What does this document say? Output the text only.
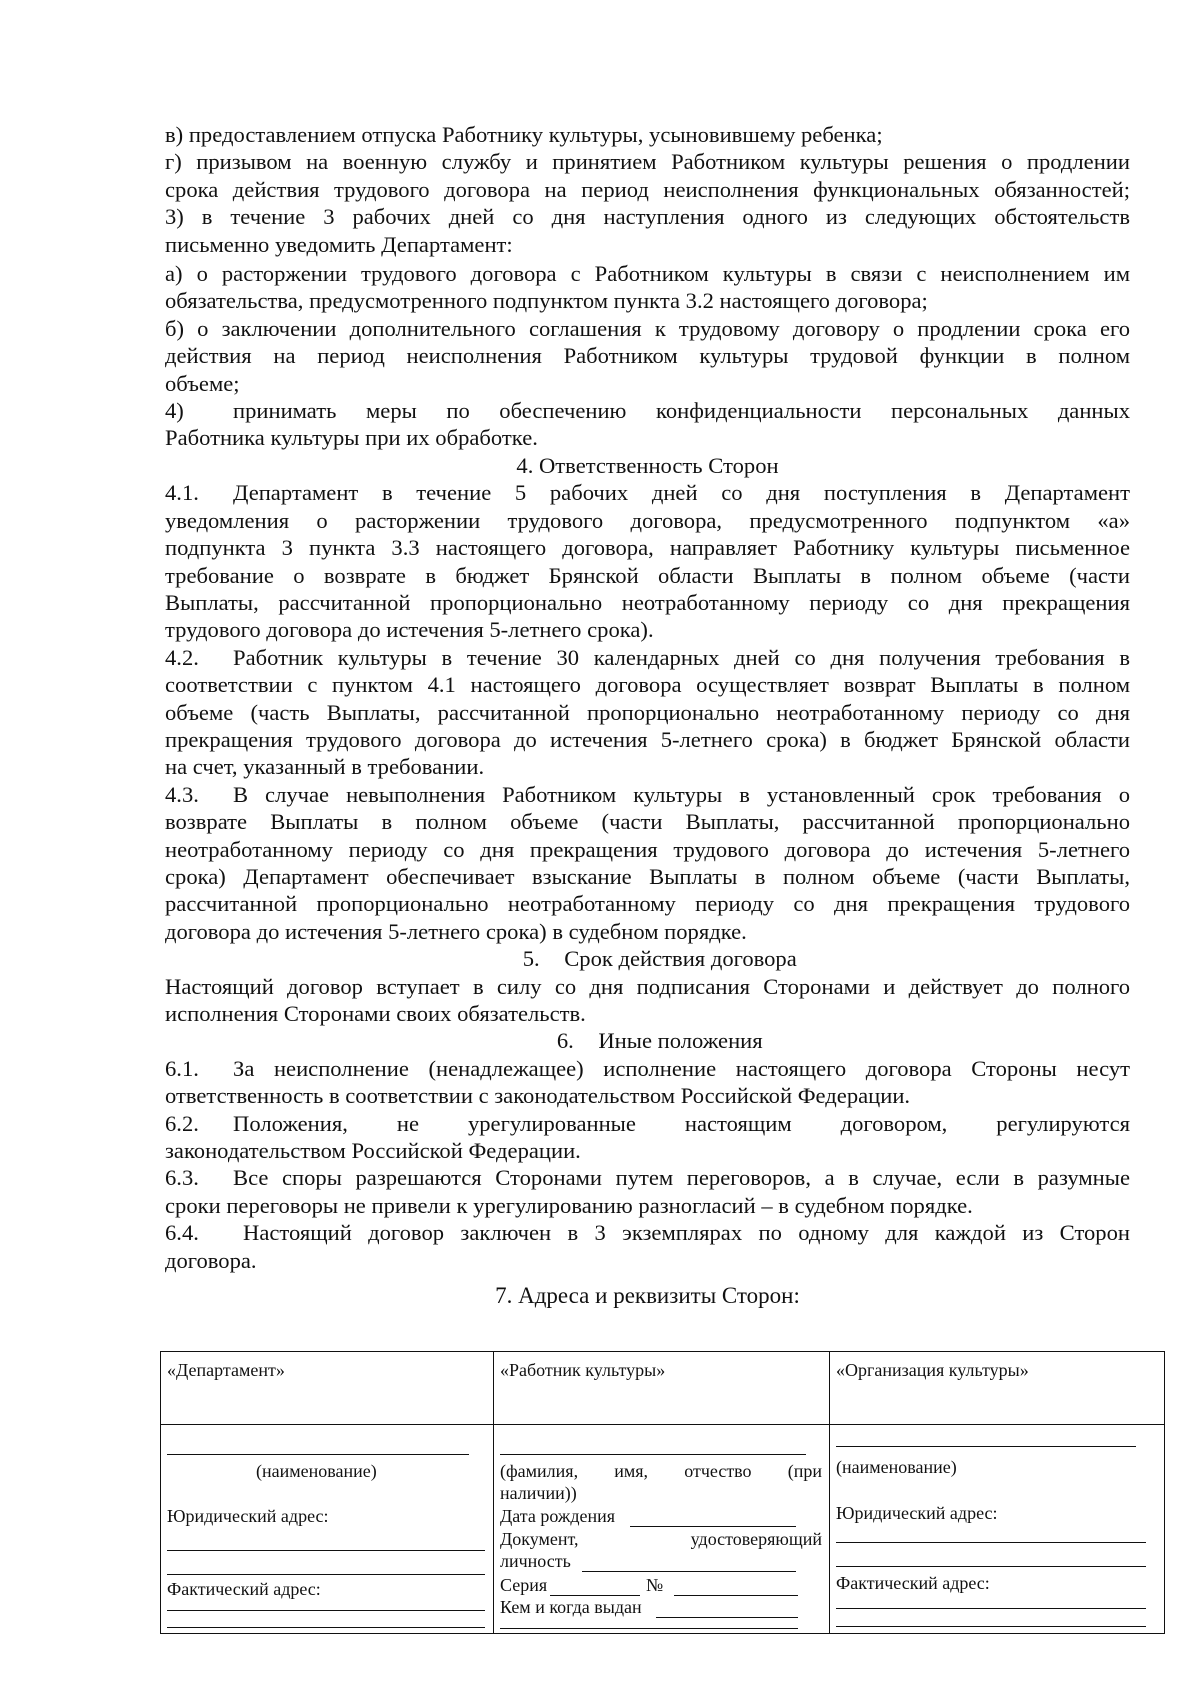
в) предоставлением отпуска Работнику культуры, усыновившему ребенка;

г) призывом на военную службу и принятием Работником культуры решения о продлении

срока действия трудового договора на период неисполнения функциональных обязанностей;

3) в течение 3 рабочих дней со дня наступления одного из следующих обстоятельств

письменно уведомить Департамент:

а) о расторжении трудового договора с Работником культуры в связи с неисполнением им

обязательства, предусмотренного подпунктом пункта 3.2 настоящего договора;

б) о заключении дополнительного соглашения к трудовому договору о продлении срока его

действия на период неисполнения Работником культуры трудовой функции в полном

объеме;

4) принимать меры по обеспечению конфиденциальности персональных данных

Работника культуры при их обработке.

4. Ответственность Сторон

4.1. Департамент в течение 5 рабочих дней со дня поступления в Департамент

уведомления о расторжении трудового договора, предусмотренного подпунктом «а»

подпункта 3 пункта 3.3 настоящего договора, направляет Работнику культуры письменное

требование о возврате в бюджет Брянской области Выплаты в полном объеме (части

Выплаты, рассчитанной пропорционально неотработанному периоду со дня прекращения

трудового договора до истечения 5-летнего срока).

4.2. Работник культуры в течение 30 календарных дней со дня получения требования в

соответствии с пунктом 4.1 настоящего договора осуществляет возврат Выплаты в полном

объеме (часть Выплаты, рассчитанной пропорционально неотработанному периоду со дня

прекращения трудового договора до истечения 5-летнего срока) в бюджет Брянской области

на счет, указанный в требовании.

4.3. В случае невыполнения Работником культуры в установленный срок требования о

возврате Выплаты в полном объеме (части Выплаты, рассчитанной пропорционально

неотработанному периоду со дня прекращения трудового договора до истечения 5-летнего

срока) Департамент обеспечивает взыскание Выплаты в полном объеме (части Выплаты,

рассчитанной пропорционально неотработанному периоду со дня прекращения трудового

договора до истечения 5-летнего срока) в судебном порядке.

5. Срок действия договора

Настоящий договор вступает в силу со дня подписания Сторонами и действует до полного

исполнения Сторонами своих обязательств.

6. Иные положения

6.1. За неисполнение (ненадлежащее) исполнение настоящего договора Стороны несут

ответственность в соответствии с законодательством Российской Федерации.

6.2. Положения, не урегулированные настоящим договором, регулируются

законодательством Российской Федерации.

6.3. Все споры разрешаются Сторонами путем переговоров, а в случае, если в разумные

сроки переговоры не привели к урегулированию разногласий – в судебном порядке.

6.4. Настоящий договор заключен в 3 экземплярах по одному для каждой из Сторон

договора.

7. Адреса и реквизиты Сторон:

«Департамент»
(наименование)
Юридический адрес:
Фактический адрес:
«Работник культуры»
(фамилия, имя, отчество (при
наличии))
Дата рождения
Документ, удостоверяющий
личность
Серия	№
Кем и когда выдан
«Организация культуры»
(наименование)
Юридический адрес:
Фактический адрес:
